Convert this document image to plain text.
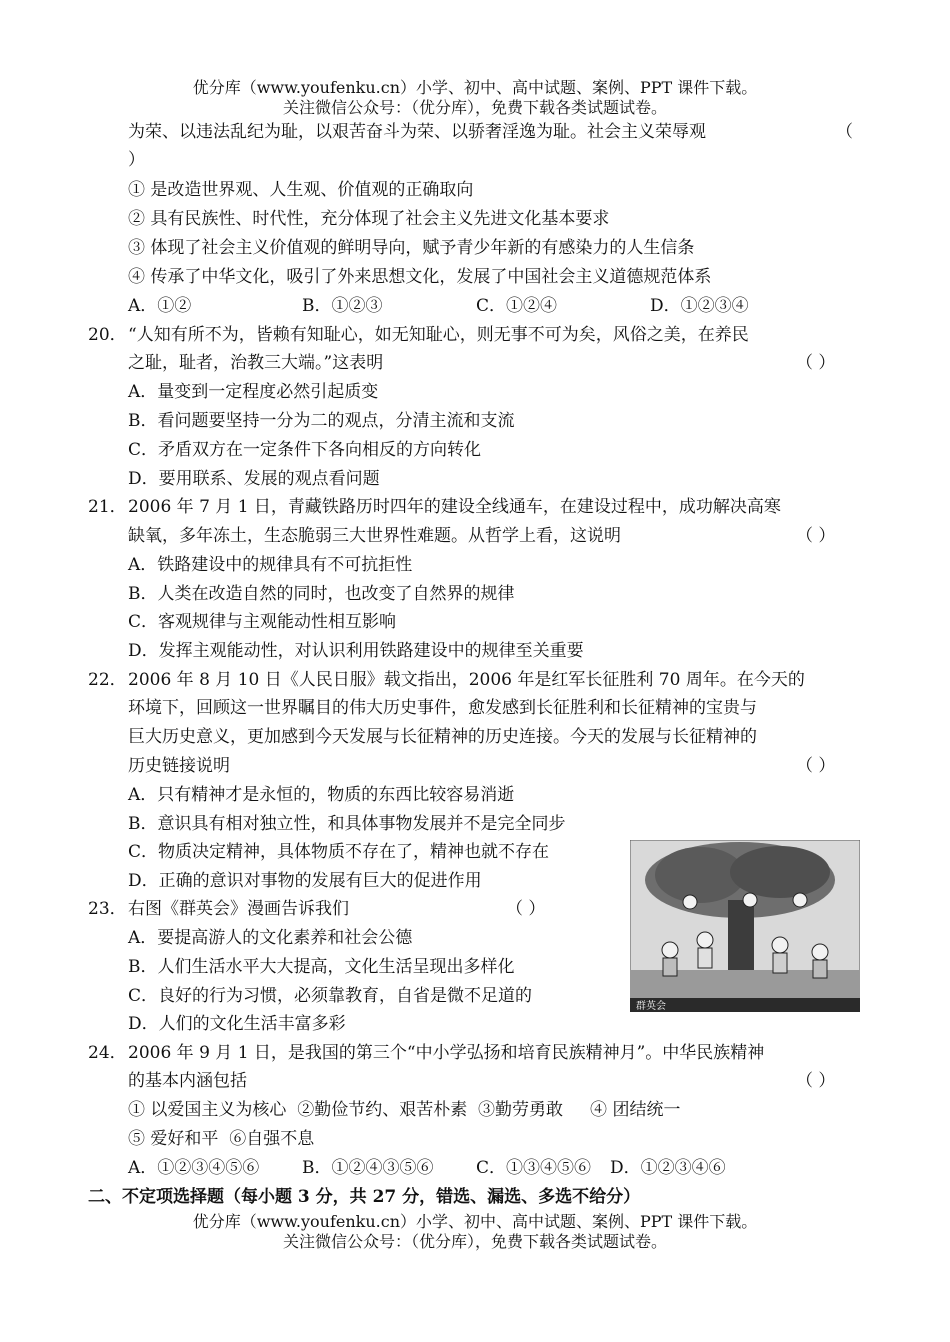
优分库（www.youfenku.cn）小学、初中、高中试题、案例、PPT 课件下载。
关注微信公众号：（优分库），免费下载各类试题试卷。
为荣、以违法乱纪为耻，以艰苦奋斗为荣、以骄奢淫逸为耻。社会主义荣辱观	（
）
① 是改造世界观、人生观、价值观的正确取向
② 具有民族性、时代性，充分体现了社会主义先进文化基本要求
③ 体现了社会主义价值观的鲜明导向，赋予青少年新的有感染力的人生信条
④ 传承了中华文化，吸引了外来思想文化，发展了中国社会主义道德规范体系
A．①②	B．①②③	C．①②④	D．①②③④
20． “人知有所不为，皆赖有知耻心，如无知耻心，则无事不可为矣，风俗之美，在养民
之耻，耻者，治教三大端。”这表明	（ ）
A．量变到一定程度必然引起质变
B．看问题要坚持一分为二的观点，分清主流和支流
C．矛盾双方在一定条件下各向相反的方向转化
D．要用联系、发展的观点看问题
21． 2006 年 7 月 1 日，青藏铁路历时四年的建设全线通车，在建设过程中，成功解决高寒
缺氧，多年冻土，生态脆弱三大世界性难题。从哲学上看，这说明	（ ）
A．铁路建设中的规律具有不可抗拒性
B．人类在改造自然的同时，也改变了自然界的规律
C．客观规律与主观能动性相互影响
D．发挥主观能动性，对认识利用铁路建设中的规律至关重要
22． 2006 年 8 月 10 日《人民日服》载文指出，2006 年是红军长征胜利 70 周年。在今天的
环境下，回顾这一世界瞩目的伟大历史事件，愈发感到长征胜利和长征精神的宝贵与
巨大历史意义，更加感到今天发展与长征精神的历史连接。今天的发展与长征精神的
历史链接说明	（ ）
A．只有精神才是永恒的，物质的东西比较容易消逝
B．意识具有相对独立性，和具体事物发展并不是完全同步
C．物质决定精神，具体物质不存在了，精神也就不存在
D．正确的意识对事物的发展有巨大的促进作用
群英会
23． 右图《群英会》漫画告诉我们	（ ）
A．要提高游人的文化素养和社会公德
B．人们生活水平大大提高，文化生活呈现出多样化
C．良好的行为习惯，必须靠教育，自省是微不足道的
D．人们的文化生活丰富多彩
24． 2006 年 9 月 1 日，是我国的第三个“中小学弘扬和培育民族精神月”。中华民族精神
的基本内涵包括	（ ）
① 以爱国主义为核心  ②勤俭节约、艰苦朴素  ③勤劳勇敢     ④ 团结统一
⑤ 爱好和平  ⑥自强不息
A．①②③④⑤⑥	B．①②④③⑤⑥	C．①③④⑤⑥ D．①②③④⑥
二、不定项选择题（每小题 3 分，共 27 分，错选、漏选、多选不给分）
优分库（www.youfenku.cn）小学、初中、高中试题、案例、PPT 课件下载。
关注微信公众号：（优分库），免费下载各类试题试卷。
